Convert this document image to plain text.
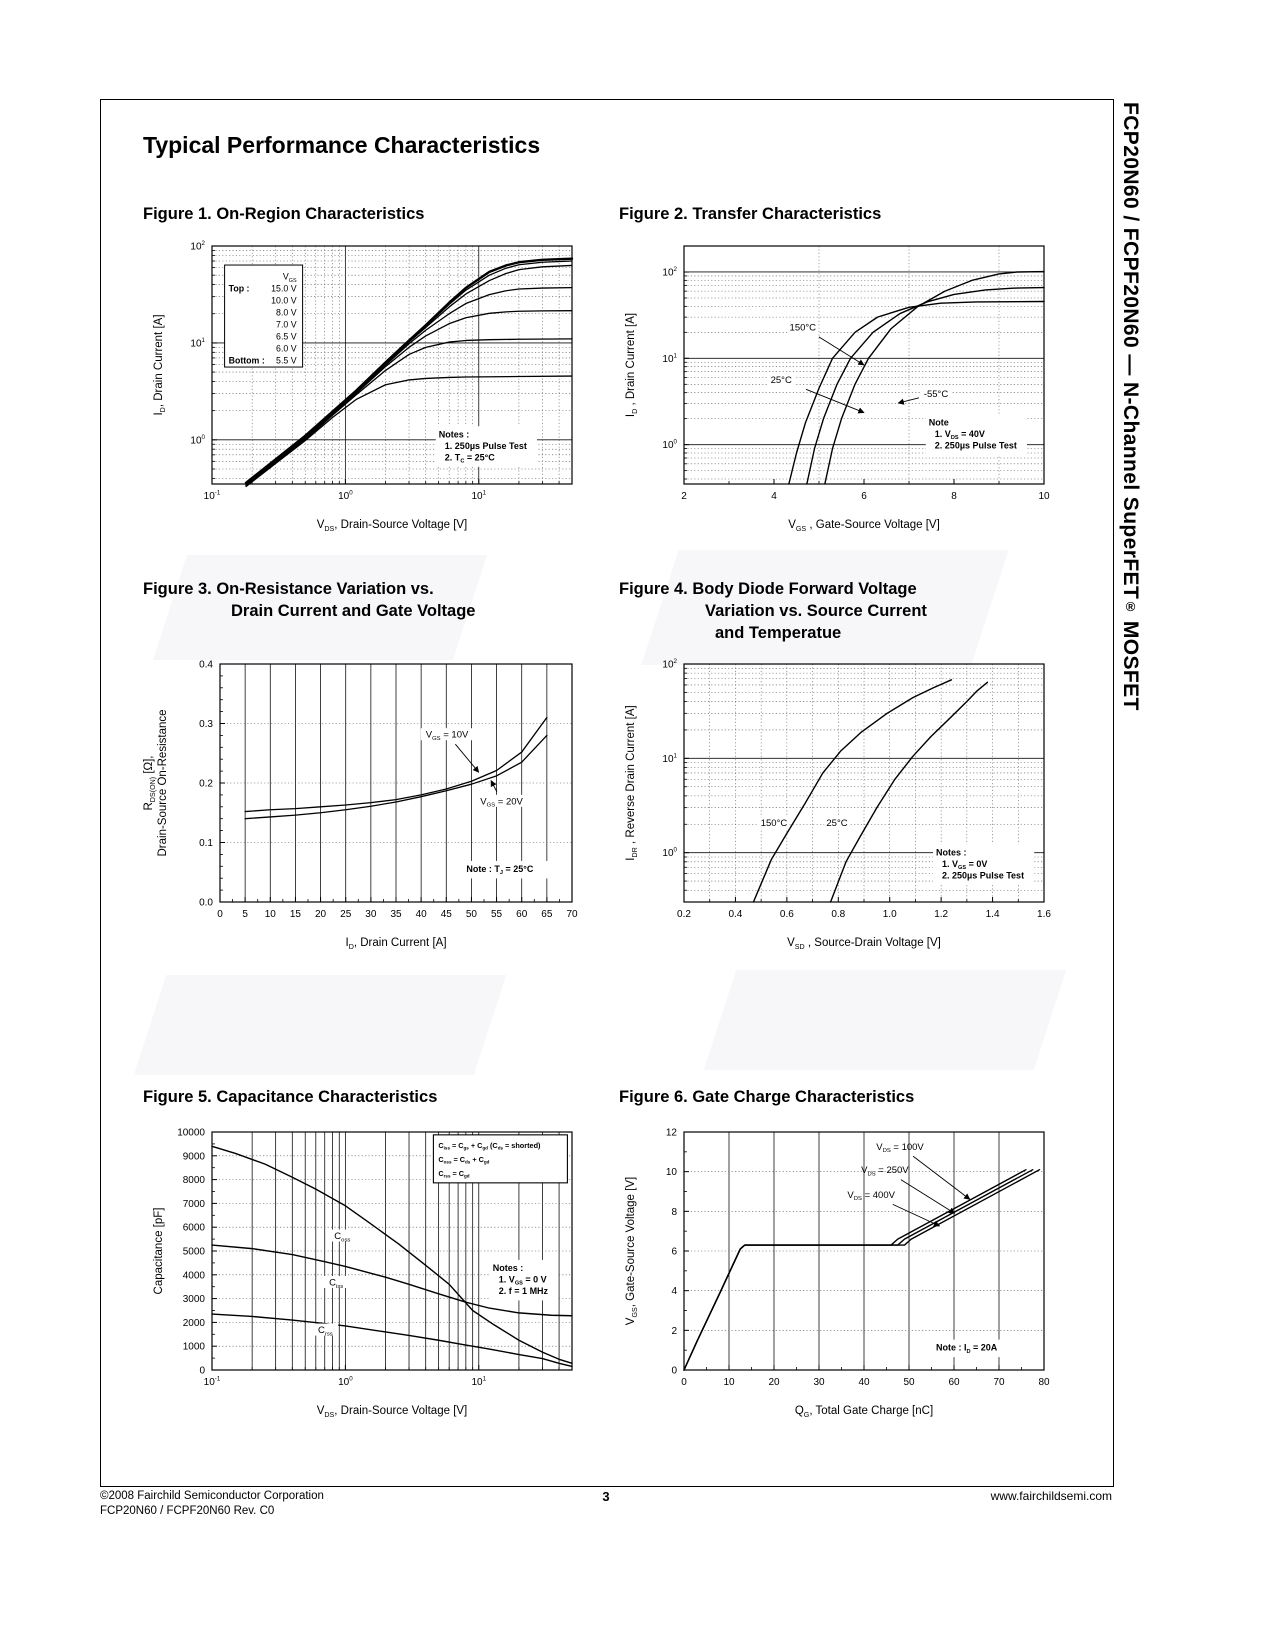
Typical Performance Characteristics
Figure 1. On-Region Characteristics	Figure 2. Transfer Characteristics
Figure 3. On-Resistance Variation vs.
Drain Current and Gate Voltage
Figure 4. Body Diode Forward Voltage
Variation vs. Source Current
and Temperatue
Figure 5. Capacitance Characteristics	Figure 6. Gate Charge Characteristics
$10^{-1}$	$10^0$	$10^1$
$10^0$
$10^1$
$10^2$
$V_{DS}$, Drain-Source Voltage [V]
$I_D$, Drain Current [A]
$V_{GS}$
Top : 15.0 V
10.0 V
8.0 V
7.0 V
6.5 V
6.0 V
Bottom : 5.5 V
Notes :
1. 250µs Pulse Test
2. $T_C = 25^\circ C$
2	4	6	8	10
$10^0$
$10^1$
$10^2$
$V_{GS}$ , Gate-Source Voltage [V]
$I_D$ , Drain Current [A]
Note
1. $V_{DS} = 40V$
2. 250µs Pulse Test
150°C
25°C
-55°C
0 5 10 15 20 25 30 35 40 45 50 55 60 65 70
0.0
0.1
0.2
0.3
0.4
$I_D$, Drain Current [A]
$R_{DS(ON)}$ [Ω], Drain-Source On-Resistance
Note : $T_J = 25^\circ C$
$V_{GS} = 10V$
$V_{GS} = 20V$
0.2	0.4	0.6	0.8	1.0	1.2	1.4	1.6
$10^0$
$10^1$
$10^2$
$V_{SD}$ , Source-Drain Voltage [V]
$I_{DR}$ , Reverse Drain Current [A]
Notes :
1. $V_{GS} = 0V$
2. 250µs Pulse Test
150°C	25°C
$10^{-1}$	$10^0$	$10^1$
0
1000
2000
3000
4000
5000
6000
7000
8000
9000
10000
$V_{DS}$, Drain-Source Voltage [V]
Capacitance [pF]
$C_{iss} = C_{gs} + C_{gd}$ ($C_{ds}$ = shorted)
$C_{oss} = C_{ds} + C_{gd}$
$C_{rss} = C_{gd}$
Notes :
1. $V_{GS} = 0$ V
2. f = 1 MHz
$C_{oss}$
$C_{iss}$
$C_{rss}$
0	10	20	30	40	50	60	70	80
0
2
4
6
8
10
12
$Q_G$, Total Gate Charge [nC]
$V_{GS}$, Gate-Source Voltage [V]
Note : $I_D = 20A$
$V_{DS} = 100V$
$V_{DS} = 250V$
$V_{DS} = 400V$
FCP20N60 / FCPF20N60 — N-Channel SuperFET® MOSFET
©2008 Fairchild Semiconductor Corporation
FCP20N60 / FCPF20N60 Rev. C0
3	www.fairchildsemi.com
